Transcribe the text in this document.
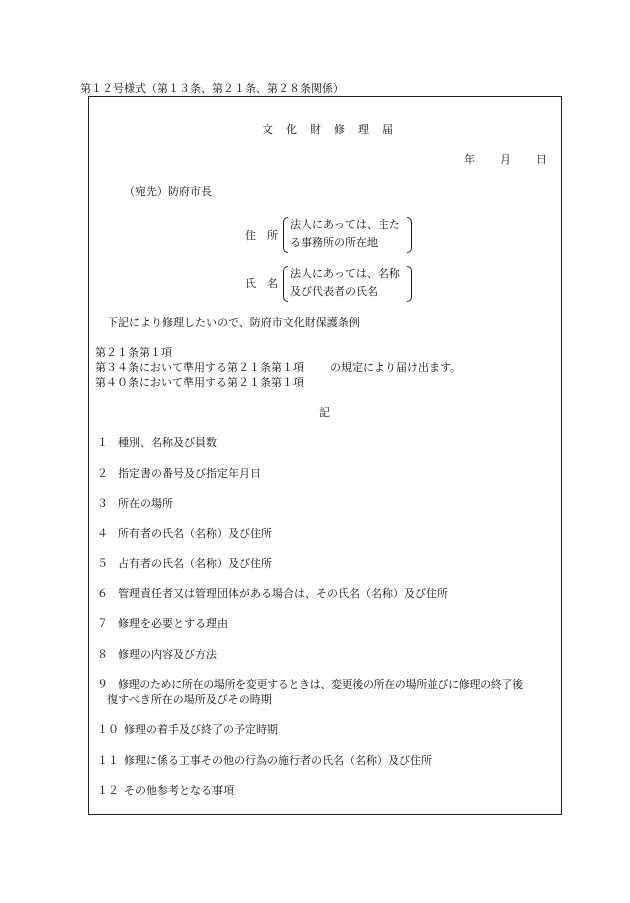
第１２号様式（第１３条、第２１条、第２８条関係）
文化財修理届
年 月 日
（宛先）防府市長
住　所
法人にあっては、主た
る事務所の所在地
氏　名
法人にあっては、名称
及び代表者の氏名
下記により修理したいので、防府市文化財保護条例
第２１条第１項
第３４条において準用する第２１条第１項 の規定により届け出ます。
第４０条において準用する第２１条第１項
記
１ 種別、名称及び員数
２ 指定書の番号及び指定年月日
３ 所在の場所
４ 所有者の氏名（名称）及び住所
５ 占有者の氏名（名称）及び住所
６ 管理責任者又は管理団体がある場合は、その氏名（名称）及び住所
７ 修理を必要とする理由
８ 修理の内容及び方法
９ 修理のために所在の場所を変更するときは、変更後の所在の場所並びに修理の終了後
復すべき所在の場所及びその時期
１０ 修理の着手及び終了の予定時期
１１ 修理に係る工事その他の行為の施行者の氏名（名称）及び住所
１２ その他参考となる事項
